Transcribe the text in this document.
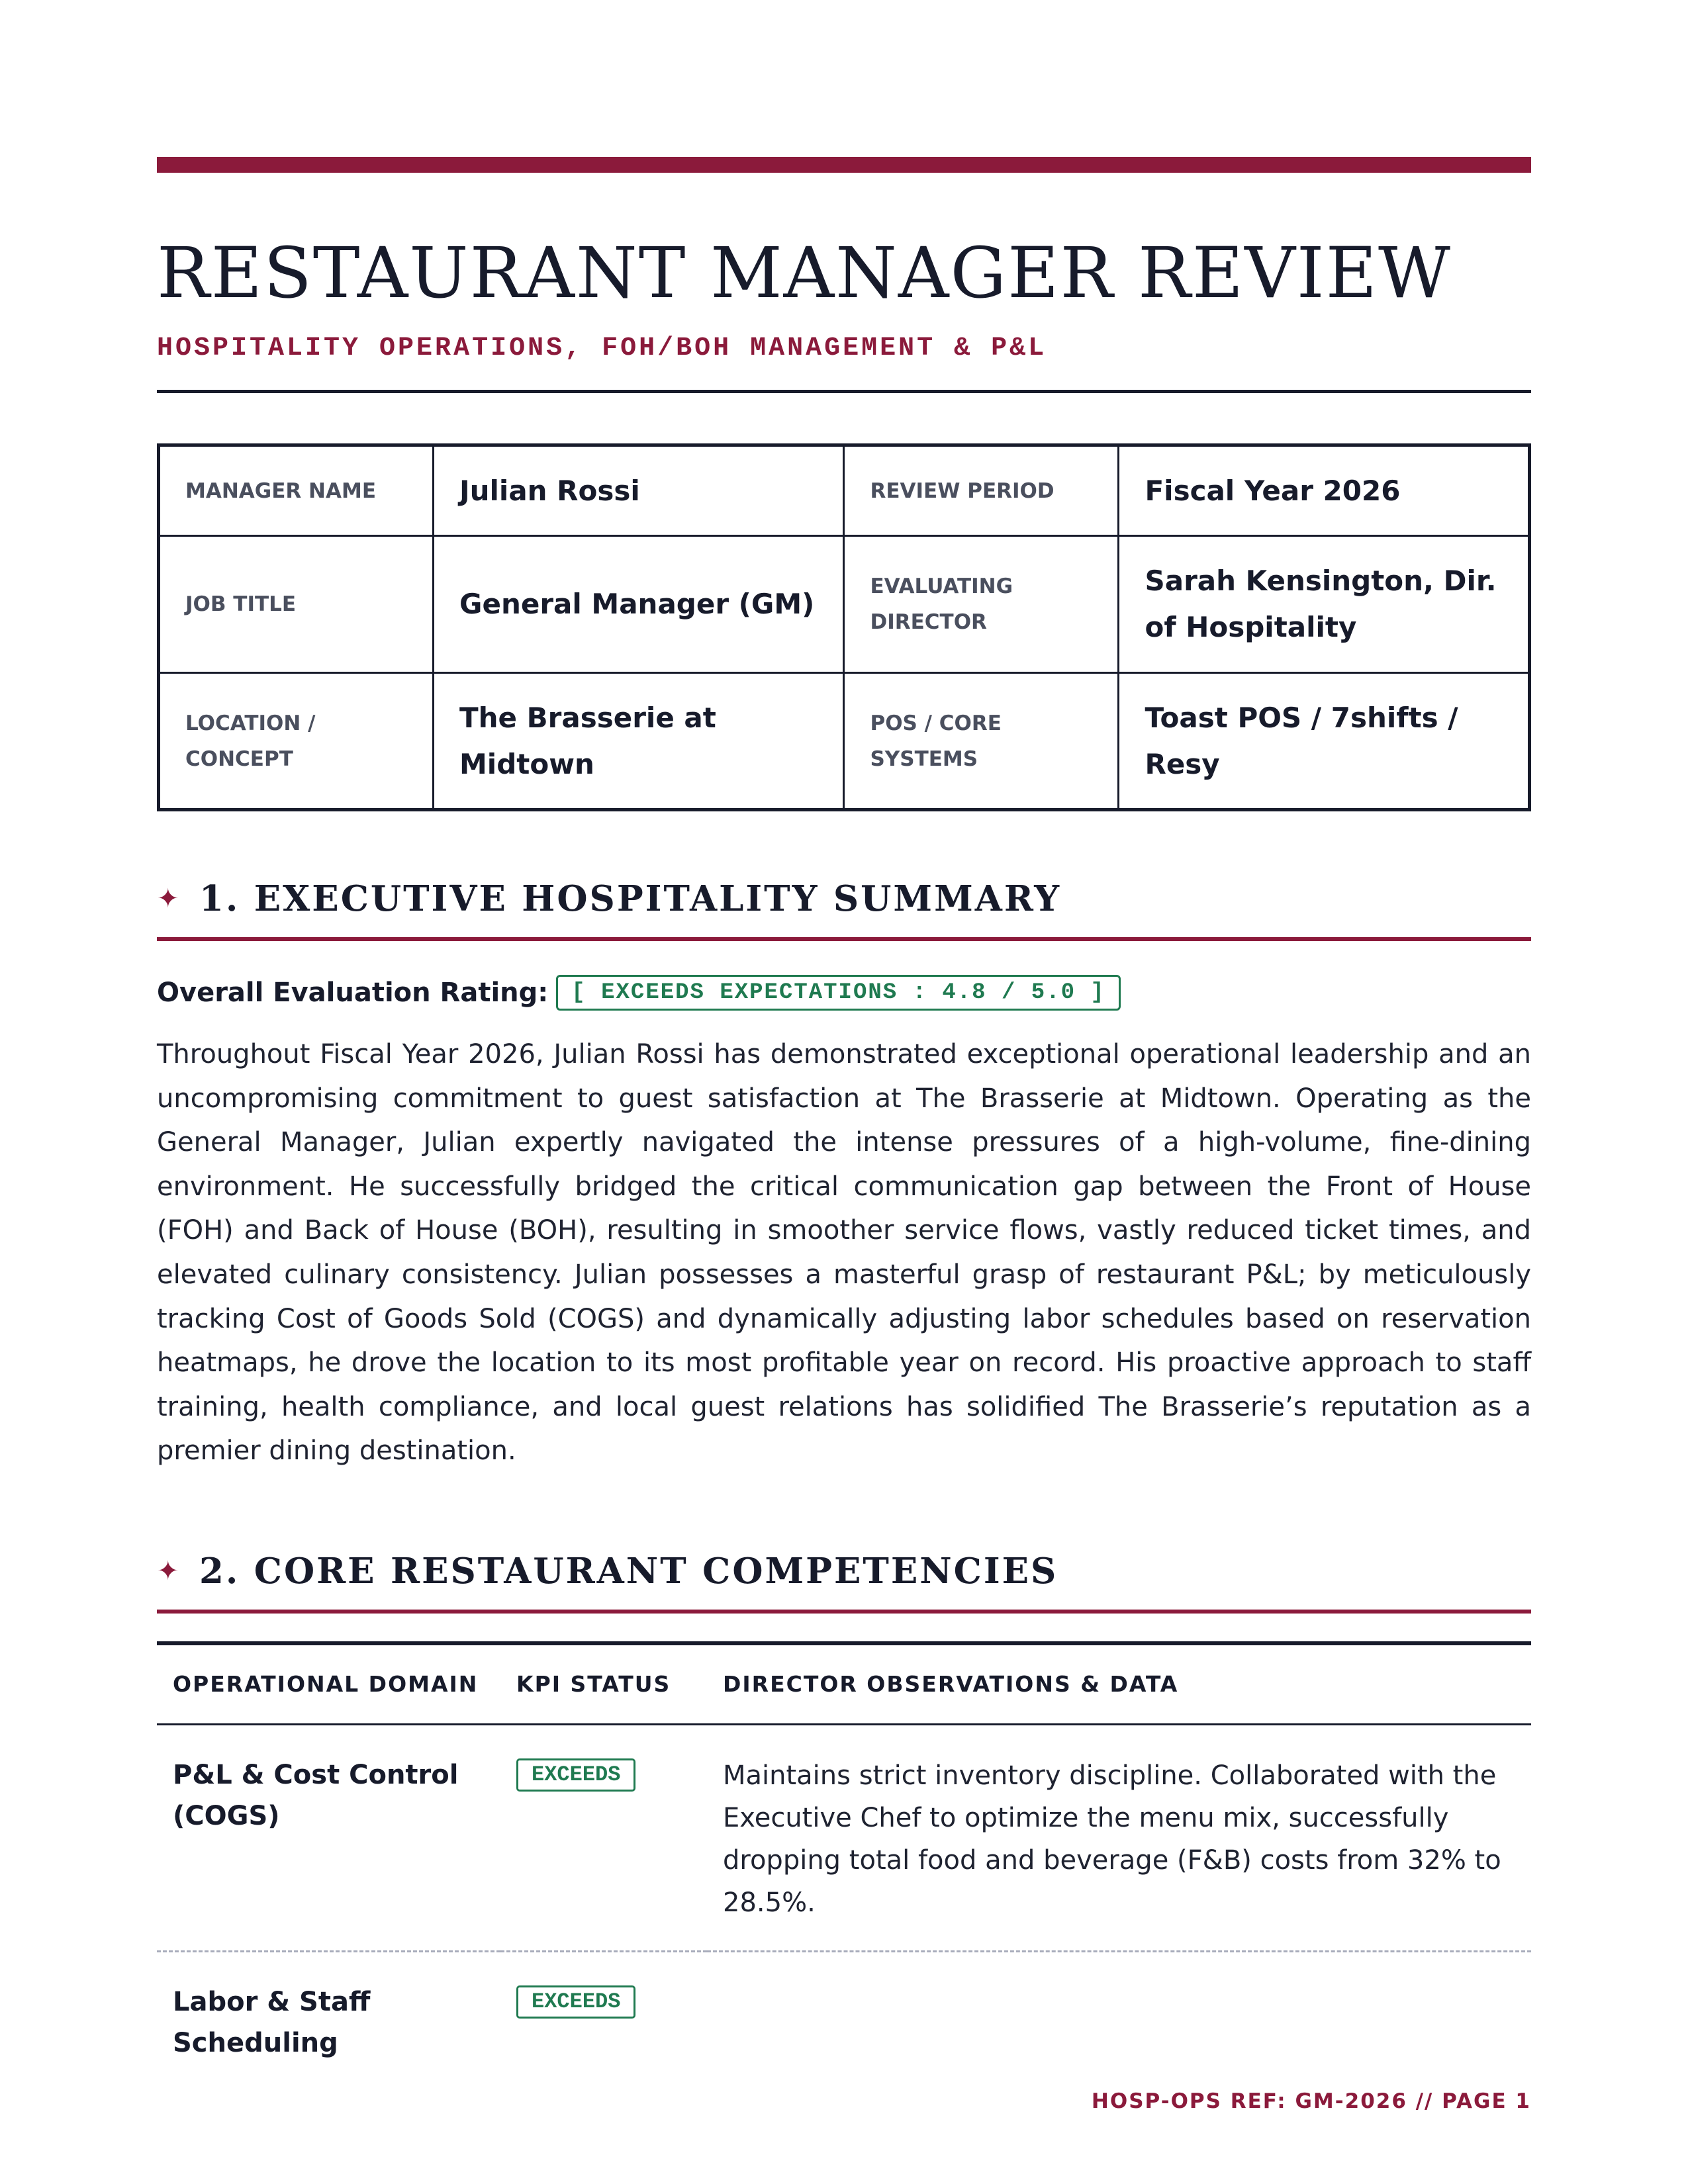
RESTAURANT MANAGER REVIEW
HOSPITALITY OPERATIONS, FOH/BOH MANAGEMENT & P&L
MANAGER NAME	Julian Rossi	REVIEW PERIOD	Fiscal Year 2026

JOB TITLE	General Manager (GM)	EVALUATING DIRECTOR	Sarah Kensington, Dir. of Hospitality

LOCATION / CONCEPT	The Brasserie at Midtown	POS / CORE SYSTEMS	Toast POS / 7shifts / Resy
✦ 1. EXECUTIVE HOSPITALITY SUMMARY
Overall Evaluation Rating:	[ EXCEEDS EXPECTATIONS : 4.8 / 5.0 ]
Throughout Fiscal Year 2026, Julian Rossi has demonstrated exceptional operational leadership and an uncompromising commitment to guest satisfaction at The Brasserie at Midtown. Operating as the General Manager, Julian expertly navigated the intense pressures of a high-volume, fine-dining environment. He successfully bridged the critical communication gap between the Front of House (FOH) and Back of House (BOH), resulting in smoother service flows, vastly reduced ticket times, and elevated culinary consistency. Julian possesses a masterful grasp of restaurant P&L; by meticulously tracking Cost of Goods Sold (COGS) and dynamically adjusting labor schedules based on reservation heatmaps, he drove the location to its most profitable year on record. His proactive approach to staff training, health compliance, and local guest relations has solidified The Brasserie’s reputation as a premier dining destination.
✦ 2. CORE RESTAURANT COMPETENCIES
OPERATIONAL DOMAIN	KPI STATUS	DIRECTOR OBSERVATIONS & DATA

P&L & Cost Control (COGS)	EXCEEDS	Maintains strict inventory discipline. Collaborated with the Executive Chef to optimize the menu mix, successfully dropping total food and beverage (F&B) costs from 32% to 28.5%.

Labor & Staff Scheduling	EXCEEDS	
HOSP-OPS REF: GM-2026 // PAGE 1
